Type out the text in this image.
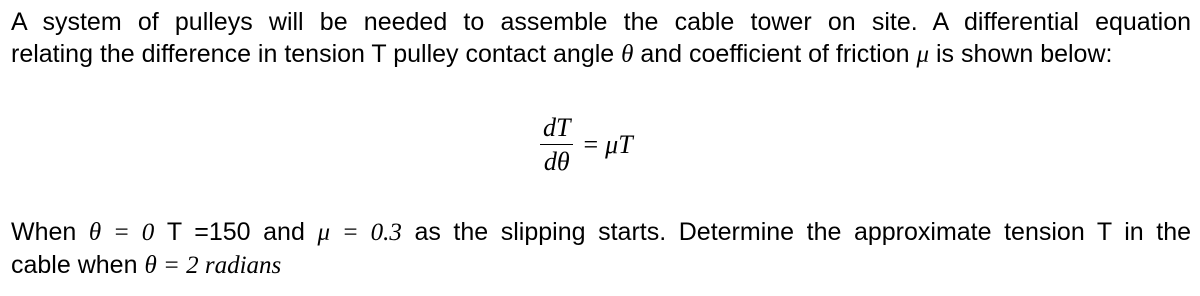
A system of pulleys will be needed to assemble the cable tower on site. A differential equation
relating the difference in tension T pulley contact angle θ and coefficient of friction μ is shown below:
$\frac{dT}{d\theta} = \mu T$
When θ = 0 T =150 and μ = 0.3 as the slipping starts. Determine the approximate tension T in the
cable when θ = 2 radians
